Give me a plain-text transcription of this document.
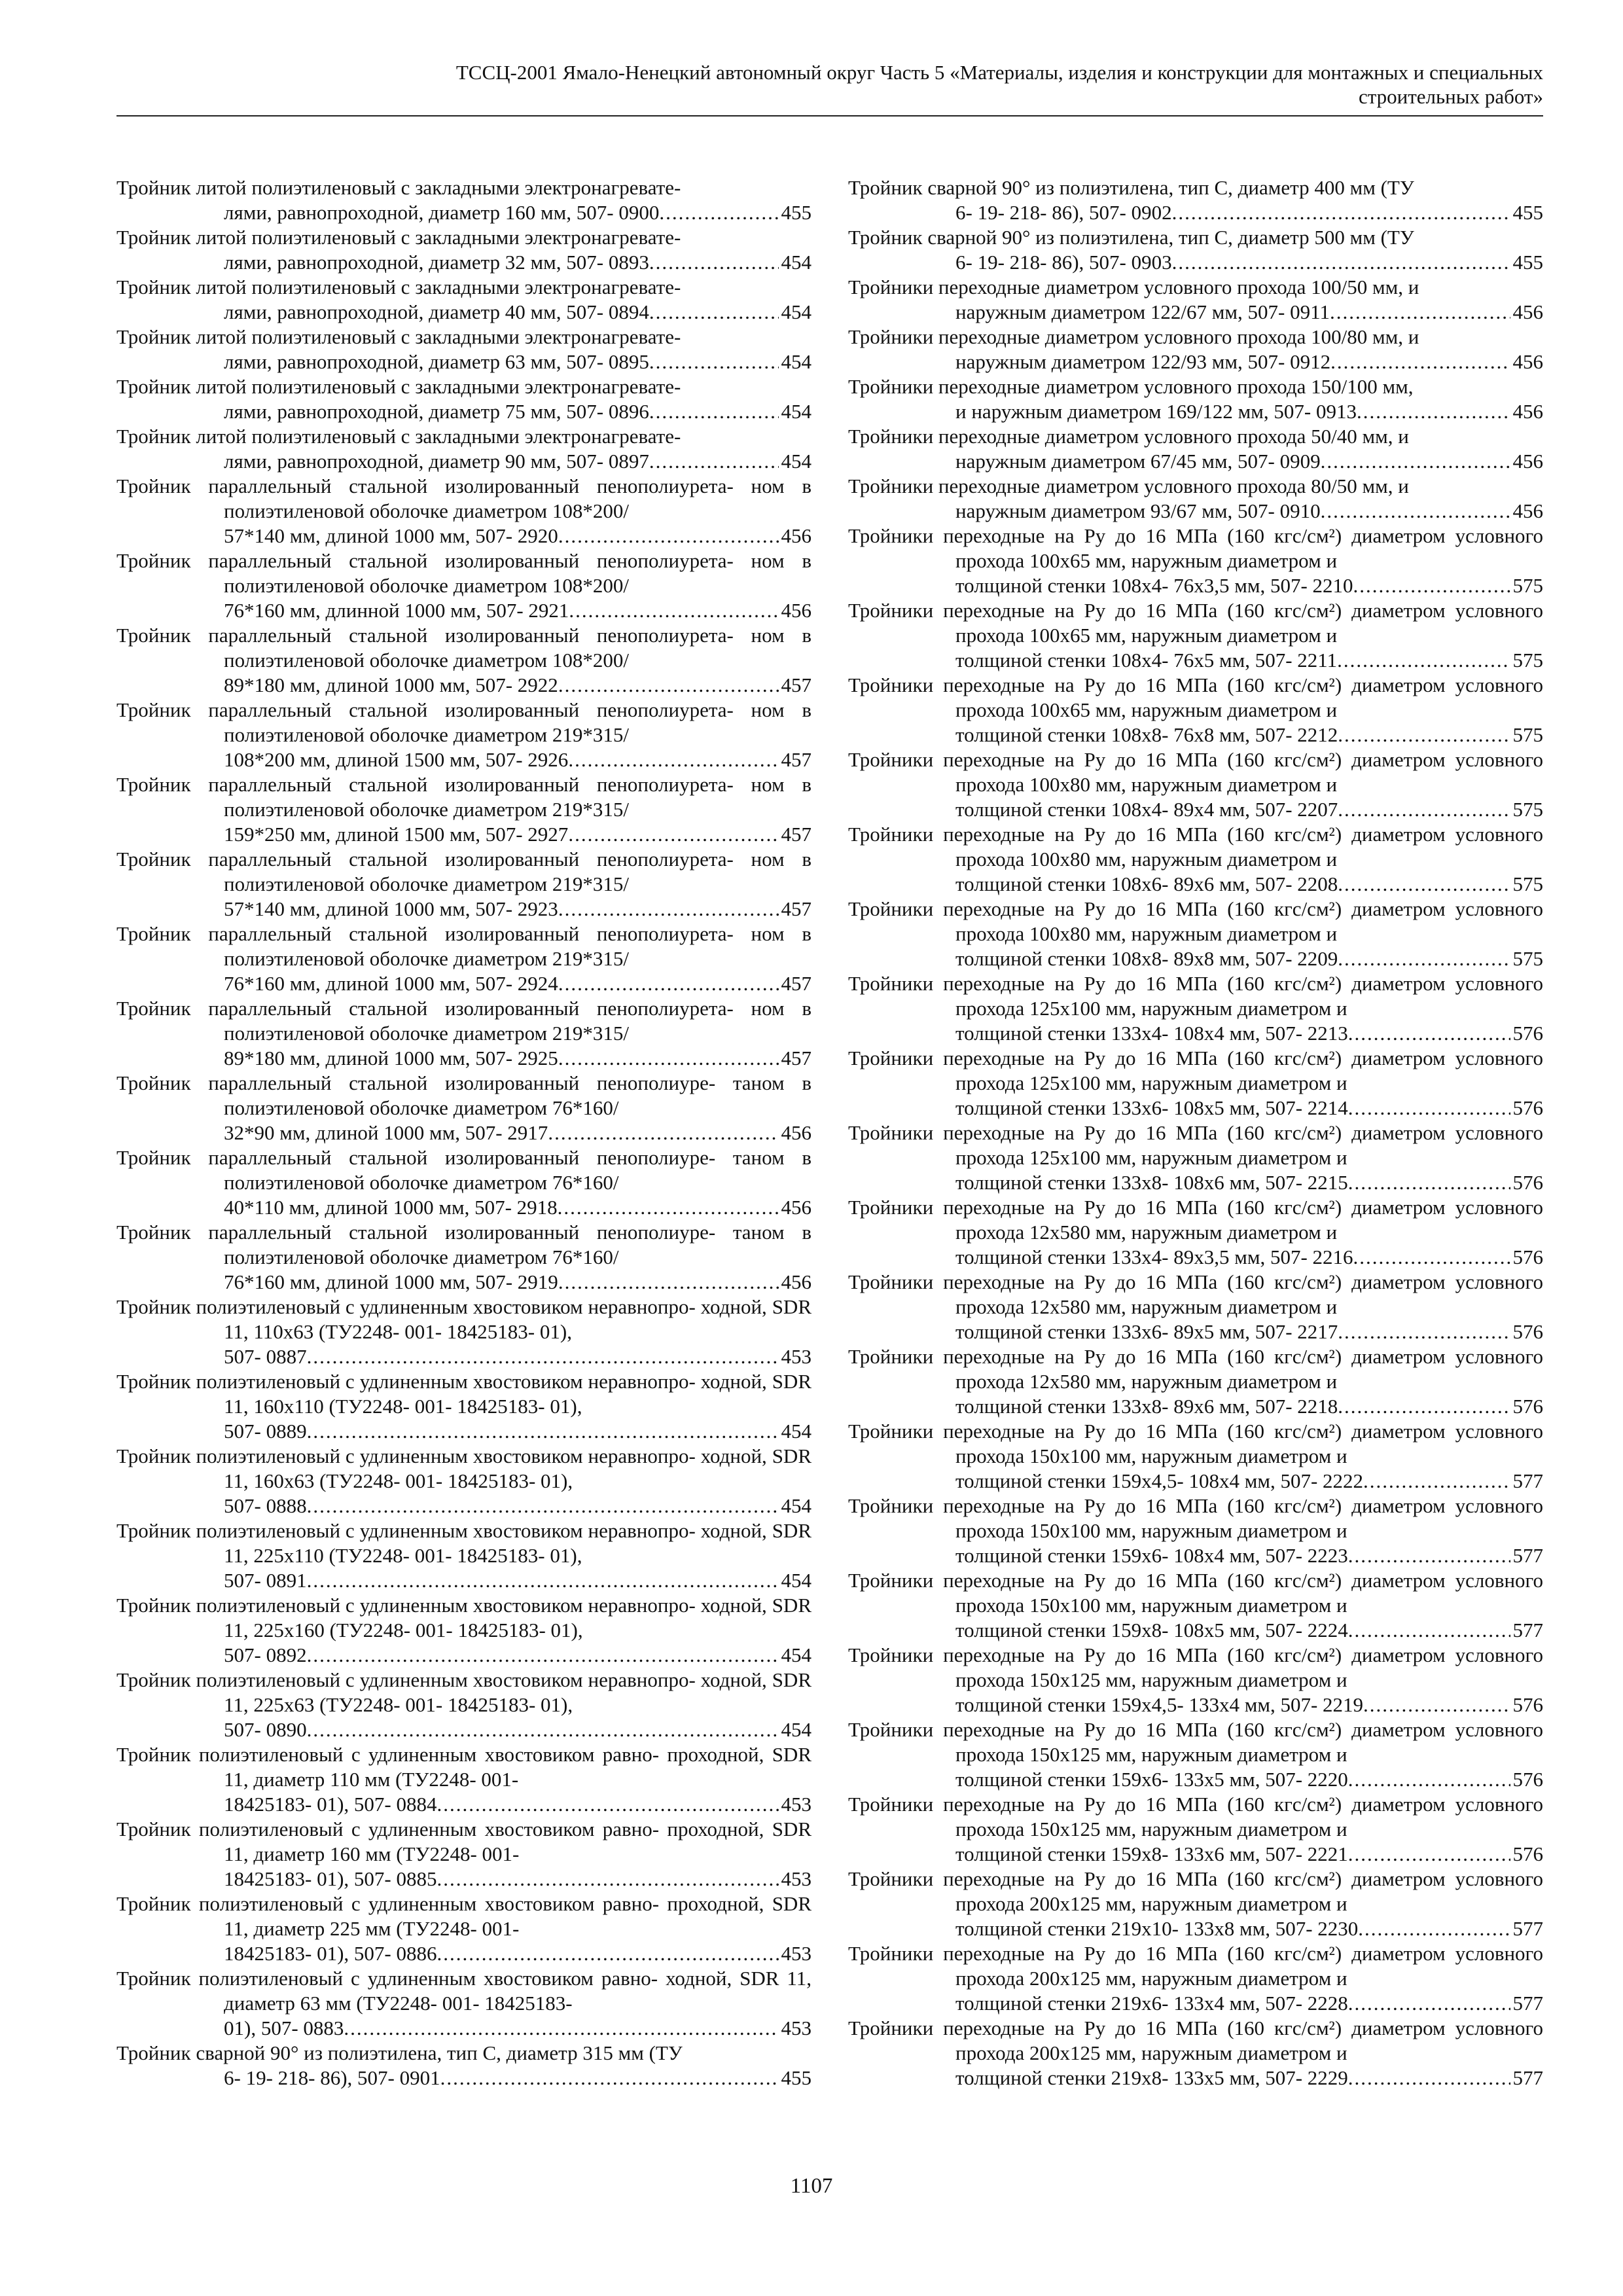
ТССЦ-2001 Ямало-Ненецкий автономный округ Часть 5 «Материалы, изделия и конструкции для монтажных и специальных
строительных работ»
Тройник литой полиэтиленовый с закладными электронагревате-
лями, равнопроходной, диаметр 160 мм, 507- 0900 .....	455
Тройник литой полиэтиленовый с закладными электронагревате-
лями, равнопроходной, диаметр 32 мм, 507- 0893 .....	454
Тройник литой полиэтиленовый с закладными электронагревате-
лями, равнопроходной, диаметр 40 мм, 507- 0894 .....	454
Тройник литой полиэтиленовый с закладными электронагревате-
лями, равнопроходной, диаметр 63 мм, 507- 0895 .....	454
Тройник литой полиэтиленовый с закладными электронагревате-
лями, равнопроходной, диаметр 75 мм, 507- 0896 .....	454
Тройник литой полиэтиленовый с закладными электронагревате-
лями, равнопроходной, диаметр 90 мм, 507- 0897 .....	454
Тройник параллельный стальной изолированный пенополиурета- ном в полиэтиленовой оболочке диаметром 108*200/
57*140 мм, длиной 1000 мм, 507- 2920 .....	456
Тройник параллельный стальной изолированный пенополиурета- ном в полиэтиленовой оболочке диаметром 108*200/
76*160 мм, длинной 1000 мм, 507- 2921 .....	456
Тройник параллельный стальной изолированный пенополиурета- ном в полиэтиленовой оболочке диаметром 108*200/
89*180 мм, длиной 1000 мм, 507- 2922 .....	457
Тройник параллельный стальной изолированный пенополиурета- ном в полиэтиленовой оболочке диаметром 219*315/
108*200 мм, длиной 1500 мм, 507- 2926 .....	457
Тройник параллельный стальной изолированный пенополиурета- ном в полиэтиленовой оболочке диаметром 219*315/
159*250 мм, длиной 1500 мм, 507- 2927 .....	457
Тройник параллельный стальной изолированный пенополиурета- ном в полиэтиленовой оболочке диаметром 219*315/
57*140 мм, длиной 1000 мм, 507- 2923 .....	457
Тройник параллельный стальной изолированный пенополиурета- ном в полиэтиленовой оболочке диаметром 219*315/
76*160 мм, длиной 1000 мм, 507- 2924 .....	457
Тройник параллельный стальной изолированный пенополиурета- ном в полиэтиленовой оболочке диаметром 219*315/
89*180 мм, длиной 1000 мм, 507- 2925 .....	457
Тройник параллельный стальной изолированный пенополиуре- таном в полиэтиленовой оболочке диаметром 76*160/
32*90 мм, длиной 1000 мм, 507- 2917 .....	456
Тройник параллельный стальной изолированный пенополиуре- таном в полиэтиленовой оболочке диаметром 76*160/
40*110 мм, длиной 1000 мм, 507- 2918 .....	456
Тройник параллельный стальной изолированный пенополиуре- таном в полиэтиленовой оболочке диаметром 76*160/
76*160 мм, длиной 1000 мм, 507- 2919 .....	456
Тройник полиэтиленовый с удлиненным хвостовиком неравнопро- ходной, SDR 11, 110х63 (ТУ2248- 001- 18425183- 01),
507- 0887 .....	453
Тройник полиэтиленовый с удлиненным хвостовиком неравнопро- ходной, SDR 11, 160х110 (ТУ2248- 001- 18425183- 01),
507- 0889 .....	454
Тройник полиэтиленовый с удлиненным хвостовиком неравнопро- ходной, SDR 11, 160х63 (ТУ2248- 001- 18425183- 01),
507- 0888 .....	454
Тройник полиэтиленовый с удлиненным хвостовиком неравнопро- ходной, SDR 11, 225х110 (ТУ2248- 001- 18425183- 01),
507- 0891 .....	454
Тройник полиэтиленовый с удлиненным хвостовиком неравнопро- ходной, SDR 11, 225х160 (ТУ2248- 001- 18425183- 01),
507- 0892 .....	454
Тройник полиэтиленовый с удлиненным хвостовиком неравнопро- ходной, SDR 11, 225х63 (ТУ2248- 001- 18425183- 01),
507- 0890 .....	454
Тройник полиэтиленовый с удлиненным хвостовиком равно- проходной, SDR 11, диаметр 110 мм (ТУ2248- 001-
18425183- 01), 507- 0884 .....	453
Тройник полиэтиленовый с удлиненным хвостовиком равно- проходной, SDR 11, диаметр 160 мм (ТУ2248- 001-
18425183- 01), 507- 0885 .....	453
Тройник полиэтиленовый с удлиненным хвостовиком равно- проходной, SDR 11, диаметр 225 мм (ТУ2248- 001-
18425183- 01), 507- 0886 .....	453
Тройник полиэтиленовый с удлиненным хвостовиком равно- ходной, SDR 11, диаметр 63 мм (ТУ2248- 001- 18425183-
01), 507- 0883 .....	453
Тройник сварной 90° из полиэтилена, тип С, диаметр 315 мм (ТУ
6- 19- 218- 86), 507- 0901 .....	455
Тройник сварной 90° из полиэтилена, тип С, диаметр 400 мм (ТУ
6- 19- 218- 86), 507- 0902 .....	455
Тройник сварной 90° из полиэтилена, тип С, диаметр 500 мм (ТУ
6- 19- 218- 86), 507- 0903 .....	455
Тройники переходные диаметром условного прохода 100/50 мм, и
наружным диаметром 122/67 мм, 507- 0911 .....	456
Тройники переходные диаметром условного прохода 100/80 мм, и
наружным диаметром 122/93 мм, 507- 0912 .....	456
Тройники переходные диаметром условного прохода 150/100 мм,
и наружным диаметром 169/122 мм, 507- 0913 .....	456
Тройники переходные диаметром условного прохода 50/40 мм, и
наружным диаметром 67/45 мм, 507- 0909 .....	456
Тройники переходные диаметром условного прохода 80/50 мм, и
наружным диаметром 93/67 мм, 507- 0910 .....	456
Тройники переходные на Ру до 16 МПа (160 кгс/см²) диаметром условного прохода 100х65 мм, наружным диаметром и
толщиной стенки 108х4- 76х3,5 мм, 507- 2210 .....	575
Тройники переходные на Ру до 16 МПа (160 кгс/см²) диаметром условного прохода 100х65 мм, наружным диаметром и
толщиной стенки 108х4- 76х5 мм, 507- 2211 .....	575
Тройники переходные на Ру до 16 МПа (160 кгс/см²) диаметром условного прохода 100х65 мм, наружным диаметром и
толщиной стенки 108х8- 76х8 мм, 507- 2212 .....	575
Тройники переходные на Ру до 16 МПа (160 кгс/см²) диаметром условного прохода 100х80 мм, наружным диаметром и
толщиной стенки 108х4- 89х4 мм, 507- 2207 .....	575
Тройники переходные на Ру до 16 МПа (160 кгс/см²) диаметром условного прохода 100х80 мм, наружным диаметром и
толщиной стенки 108х6- 89х6 мм, 507- 2208 .....	575
Тройники переходные на Ру до 16 МПа (160 кгс/см²) диаметром условного прохода 100х80 мм, наружным диаметром и
толщиной стенки 108х8- 89х8 мм, 507- 2209 .....	575
Тройники переходные на Ру до 16 МПа (160 кгс/см²) диаметром условного прохода 125х100 мм, наружным диаметром и
толщиной стенки 133х4- 108х4 мм, 507- 2213 .....	576
Тройники переходные на Ру до 16 МПа (160 кгс/см²) диаметром условного прохода 125х100 мм, наружным диаметром и
толщиной стенки 133х6- 108х5 мм, 507- 2214 .....	576
Тройники переходные на Ру до 16 МПа (160 кгс/см²) диаметром условного прохода 125х100 мм, наружным диаметром и
толщиной стенки 133х8- 108х6 мм, 507- 2215 .....	576
Тройники переходные на Ру до 16 МПа (160 кгс/см²) диаметром условного прохода 12х580 мм, наружным диаметром и
толщиной стенки 133х4- 89х3,5 мм, 507- 2216 .....	576
Тройники переходные на Ру до 16 МПа (160 кгс/см²) диаметром условного прохода 12х580 мм, наружным диаметром и
толщиной стенки 133х6- 89х5 мм, 507- 2217 .....	576
Тройники переходные на Ру до 16 МПа (160 кгс/см²) диаметром условного прохода 12х580 мм, наружным диаметром и
толщиной стенки 133х8- 89х6 мм, 507- 2218 .....	576
Тройники переходные на Ру до 16 МПа (160 кгс/см²) диаметром условного прохода 150х100 мм, наружным диаметром и
толщиной стенки 159х4,5- 108х4 мм, 507- 2222 .....	577
Тройники переходные на Ру до 16 МПа (160 кгс/см²) диаметром условного прохода 150х100 мм, наружным диаметром и
толщиной стенки 159х6- 108х4 мм, 507- 2223 .....	577
Тройники переходные на Ру до 16 МПа (160 кгс/см²) диаметром условного прохода 150х100 мм, наружным диаметром и
толщиной стенки 159х8- 108х5 мм, 507- 2224 .....	577
Тройники переходные на Ру до 16 МПа (160 кгс/см²) диаметром условного прохода 150х125 мм, наружным диаметром и
толщиной стенки 159х4,5- 133х4 мм, 507- 2219 .....	576
Тройники переходные на Ру до 16 МПа (160 кгс/см²) диаметром условного прохода 150х125 мм, наружным диаметром и
толщиной стенки 159х6- 133х5 мм, 507- 2220 .....	576
Тройники переходные на Ру до 16 МПа (160 кгс/см²) диаметром условного прохода 150х125 мм, наружным диаметром и
толщиной стенки 159х8- 133х6 мм, 507- 2221 .....	576
Тройники переходные на Ру до 16 МПа (160 кгс/см²) диаметром условного прохода 200х125 мм, наружным диаметром и
толщиной стенки 219х10- 133х8 мм, 507- 2230 .....	577
Тройники переходные на Ру до 16 МПа (160 кгс/см²) диаметром условного прохода 200х125 мм, наружным диаметром и
толщиной стенки 219х6- 133х4 мм, 507- 2228 .....	577
Тройники переходные на Ру до 16 МПа (160 кгс/см²) диаметром условного прохода 200х125 мм, наружным диаметром и
толщиной стенки 219х8- 133х5 мм, 507- 2229 .....	577
1107
